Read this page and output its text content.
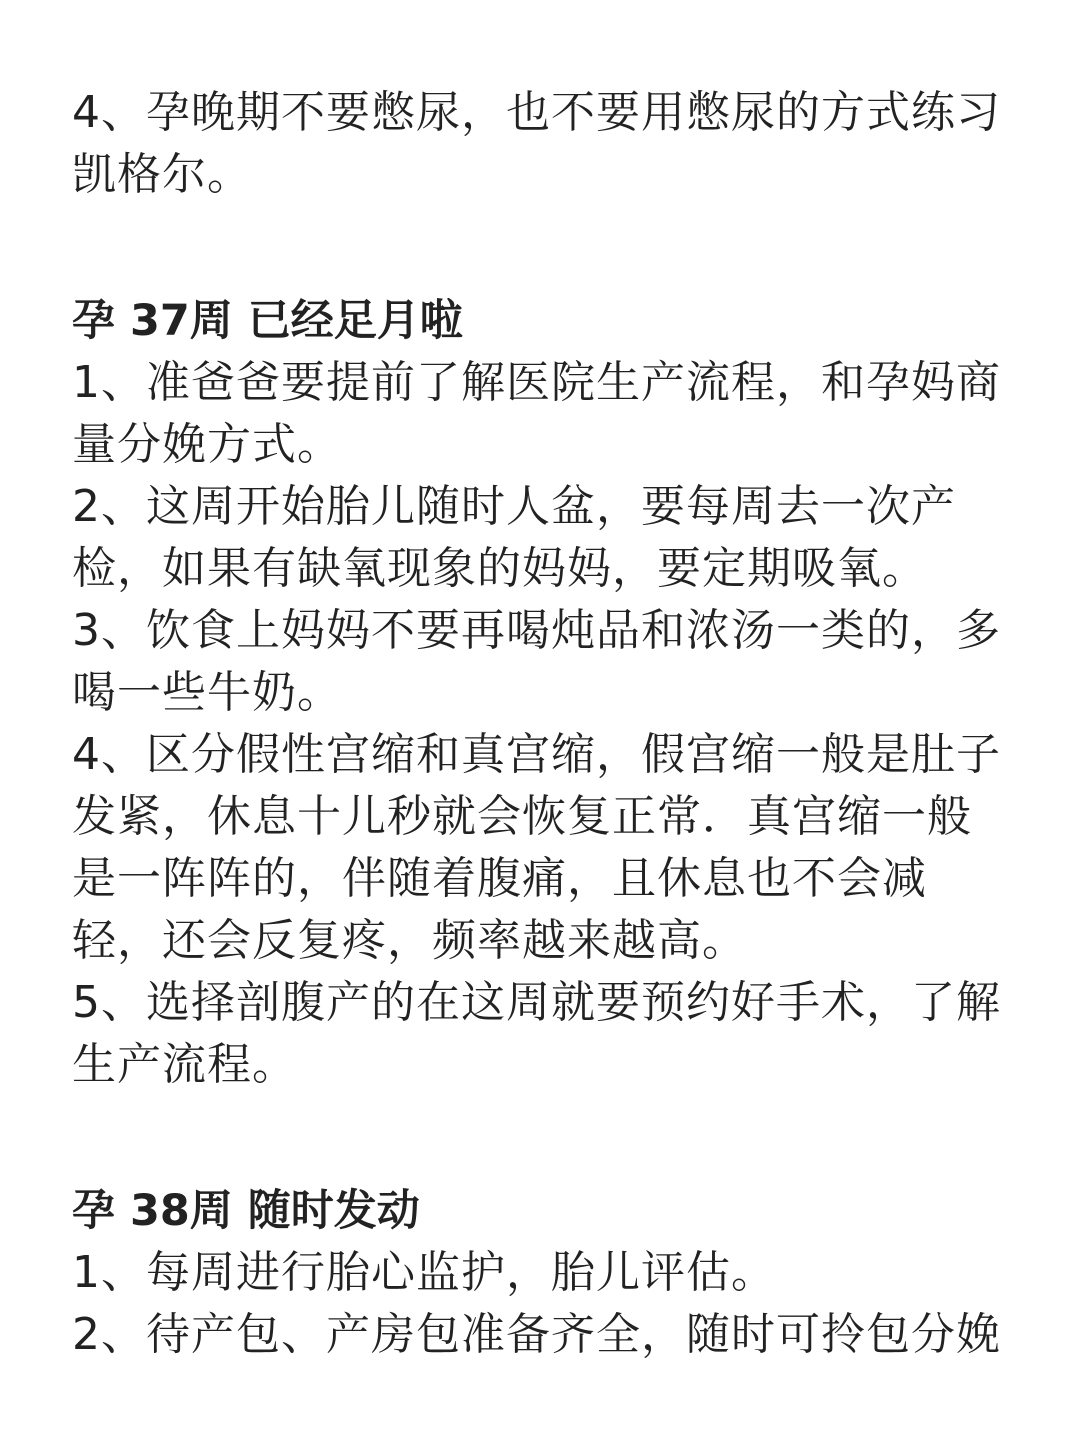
4、孕晚期不要憋尿，也不要用憋尿的方式练习凯格尔。

孕 37周 已经足月啦

1、准爸爸要提前了解医院生产流程，和孕妈商量分娩方式。

2、这周开始胎儿随时人盆，要每周去一次产检，如果有缺氧现象的妈妈，要定期吸氧。

3、饮食上妈妈不要再喝炖品和浓汤一类的，多喝一些牛奶。

4、区分假性宫缩和真宫缩，假宫缩一般是肚子发紧，休息十儿秒就会恢复正常．真宫缩一般是一阵阵的，伴随着腹痛，且休息也不会减轻，还会反复疼，频率越来越高。

5、选择剖腹产的在这周就要预约好手术，了解生产流程。

孕 38周 随时发动

1、每周进行胎心监护，胎儿评估。

2、待产包、产房包准备齐全，随时可拎包分娩
